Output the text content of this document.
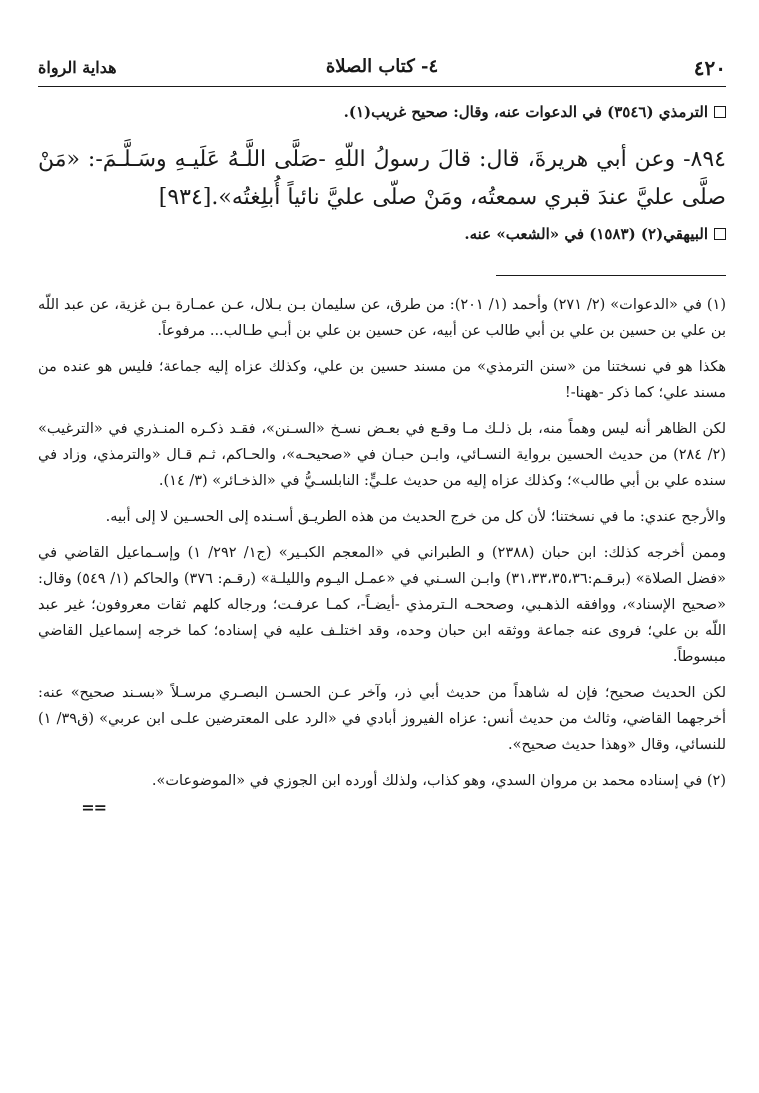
٤٢٠
٤- كتاب الصلاة
هداية الرواة

الترمذي (٣٥٤٦) في الدعوات عنه، وقال: صحيح غريب(١).

٨٩٤- وعن أبي هريرةَ، قال: قالَ رسولُ اللّهِ -صَلَّى اللَّـهُ عَلَيـهِ وسَـلَّـمَ-: «مَنْ صلَّى عليَّ عندَ قبري سمعتُه، ومَنْ صلّى عليَّ نائياً أُبلِغتُه».[٩٣٤]

البيهقي(٢) (١٥٨٣) في «الشعب» عنه.

(١) في «الدعوات» (٢/ ٢٧١) وأحمد (١/ ٢٠١): من طرق، عن سليمان بـن بـلال، عـن عمـارة بـن غزية، عن عبد اللّه بن علي بن حسين بن علي بن أبي طالب عن أبيه، عن حسين بن علي بن أبـي طـالب... مرفوعاً.

هكذا هو في نسختنا من «سنن الترمذي» من مسند حسين بن علي، وكذلك عزاه إليه جماعة؛ فليس هو عنده من مسند علي؛ كما ذكر -ههنا-!

لكن الظاهر أنه ليس وهماً منه، بل ذلـك مـا وقـع في بعـض نسـخ «السـنن»، فقـد ذكـره المنـذري في «الترغيب» (٢/ ٢٨٤) من حديث الحسين برواية النسـائي، وابـن حبـان في «صحيحـه»، والحـاكم، ثـم قـال «والترمذي، وزاد في سنده علي بن أبي طالب»؛ وكذلك عزاه إليه من حديث علـيٍّ: النابلسـيُّ في «الذخـائر» (٣/ ١٤).

والأرجح عندي: ما في نسختنا؛ لأن كل من خرج الحديث من هذه الطريـق أسـنده إلى الحسـين لا إلى أبيه.

وممن أخرجه كذلك: ابن حبان (٢٣٨٨) و الطبراني في «المعجم الكبـير» (ج١/ ٢٩٢/ ١) وإسـماعيل القاضي في «فضل الصلاة» (برقـم:٣١،٣٣،٣٥،٣٦) وابـن السـني في «عمـل اليـوم والليلـة» (رقـم: ٣٧٦) والحاكم (١/ ٥٤٩) وقال: «صحيح الإسناد»، ووافقه الذهـبي، وصححـه الـترمذي -أيضـاً-، كمـا عرفـت؛ ورجاله كلهم ثقات معروفون؛ غير عبد اللّه بن علي؛ فروى عنه جماعة ووثقه ابن حبان وحده، وقد اختلـف عليه في إسناده؛ كما خرجه إسماعيل القاضي مبسوطاً.

لكن الحديث صحيح؛ فإن له شاهداً من حديث أبي ذر، وآخر عـن الحسـن البصـري مرسـلاً «بسـند صحيح» عنه: أخرجهما القاضي، وثالث من حديث أنس: عزاه الفيروز أبادي في «الرد على المعترضين علـى ابن عربي» (ق٣٩/ ١) للنسائي، وقال «وهذا حديث صحيح».

(٢) في إسناده محمد بن مروان السدي، وهو كذاب، ولذلك أورده ابن الجوزي في «الموضوعات».

==
